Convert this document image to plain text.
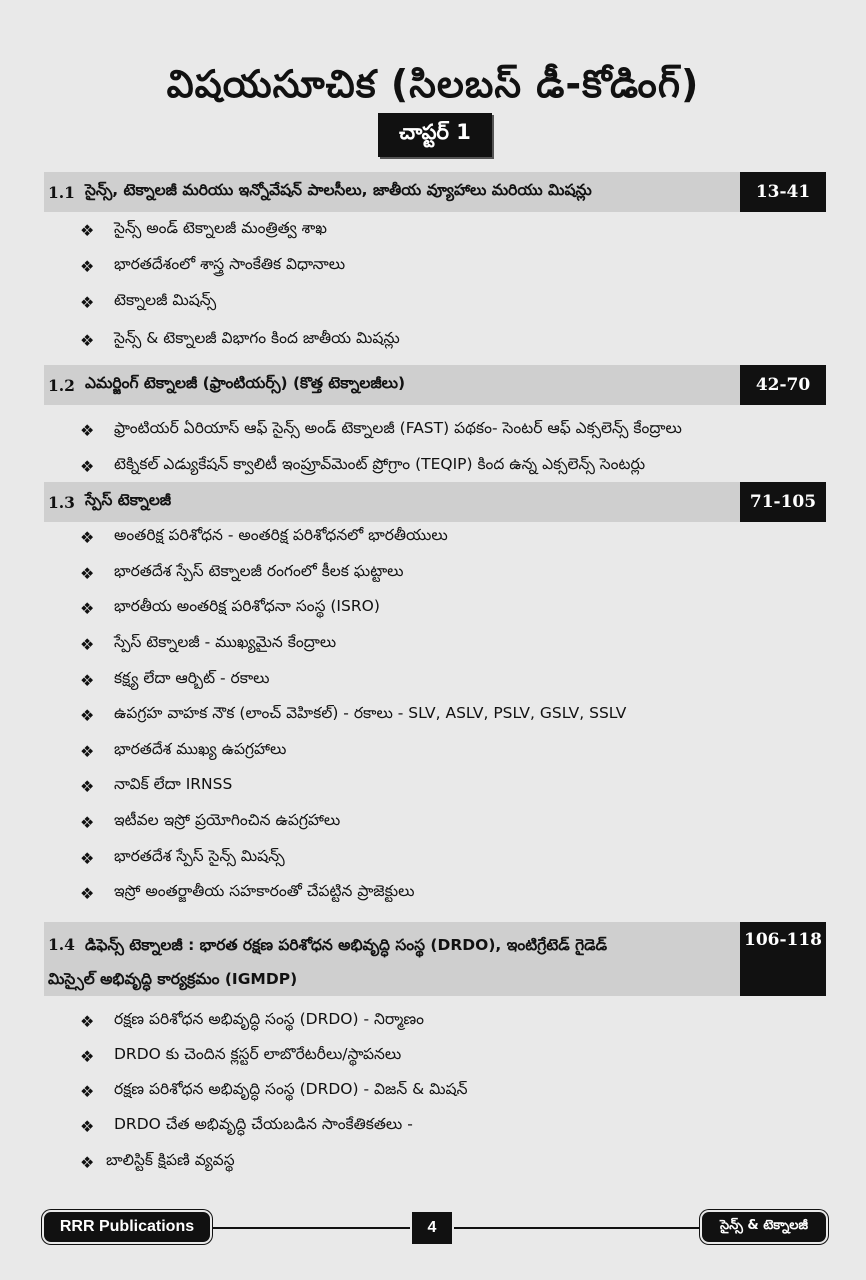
విషయసూచిక (సిలబస్ డీ-కోడింగ్)
చాప్టర్ 1
1.1 సైన్స్, టెక్నాలజీ మరియు ఇన్నోవేషన్ పాలసీలు, జాతీయ వ్యూహాలు మరియు మిషన్లు	13-41
❖	సైన్స్ అండ్ టెక్నాలజీ మంత్రిత్వ శాఖ
❖	భారతదేశంలో శాస్త్ర సాంకేతిక విధానాలు
❖	టెక్నాలజీ మిషన్స్
❖	సైన్స్ & టెక్నాలజీ విభాగం కింద జాతీయ మిషన్లు
1.2 ఎమర్జింగ్ టెక్నాలజీ (ఫ్రాంటియర్స్) (కొత్త టెక్నాలజీలు)	42-70
❖	ఫ్రాంటియర్ ఏరియాస్ ఆఫ్ సైన్స్ అండ్ టెక్నాలజీ (FAST) పథకం- సెంటర్ ఆఫ్ ఎక్సలెన్స్ కేంద్రాలు
❖	టెక్నికల్ ఎడ్యుకేషన్ క్వాలిటీ ఇంప్రూవ్‌మెంట్ ప్రోగ్రాం (TEQIP) కింద ఉన్న ఎక్సలెన్స్ సెంటర్లు
1.3 స్పేస్ టెక్నాలజీ	71-105
❖	అంతరిక్ష పరిశోధన - అంతరిక్ష పరిశోధనలో భారతీయులు
❖	భారతదేశ స్పేస్ టెక్నాలజీ రంగంలో కీలక ఘట్టాలు
❖	భారతీయ అంతరిక్ష పరిశోధనా సంస్థ (ISRO)
❖	స్పేస్ టెక్నాలజీ - ముఖ్యమైన కేంద్రాలు
❖	కక్ష్య లేదా ఆర్బిట్ - రకాలు
❖	ఉపగ్రహ వాహక నౌక (లాంచ్ వెహికల్) - రకాలు - SLV, ASLV, PSLV, GSLV, SSLV
❖	భారతదేశ ముఖ్య ఉపగ్రహాలు
❖	నావిక్ లేదా IRNSS
❖	ఇటీవల ఇస్రో ప్రయోగించిన ఉపగ్రహాలు
❖	భారతదేశ స్పేస్ సైన్స్ మిషన్స్
❖	ఇస్రో అంతర్జాతీయ సహకారంతో చేపట్టిన ప్రాజెక్టులు
1.4 డిఫెన్స్ టెక్నాలజీ : భారత రక్షణ పరిశోధన అభివృద్ధి సంస్థ (DRDO), ఇంటిగ్రేటెడ్ గైడెడ్
మిస్సైల్ అభివృద్ధి కార్యక్రమం (IGMDP)
106-118
❖	రక్షణ పరిశోధన అభివృద్ధి సంస్థ (DRDO) - నిర్మాణం
❖	DRDO కు చెందిన క్లస్టర్ లాబొరేటరీలు/స్థాపనలు
❖	రక్షణ పరిశోధన అభివృద్ధి సంస్థ (DRDO) - విజన్ & మిషన్
❖	DRDO చేత అభివృద్ధి చేయబడిన సాంకేతికతలు -
❖ బాలిస్టిక్ క్షిపణి వ్యవస్థ
RRR Publications	4	సైన్స్ & టెక్నాలజీ
